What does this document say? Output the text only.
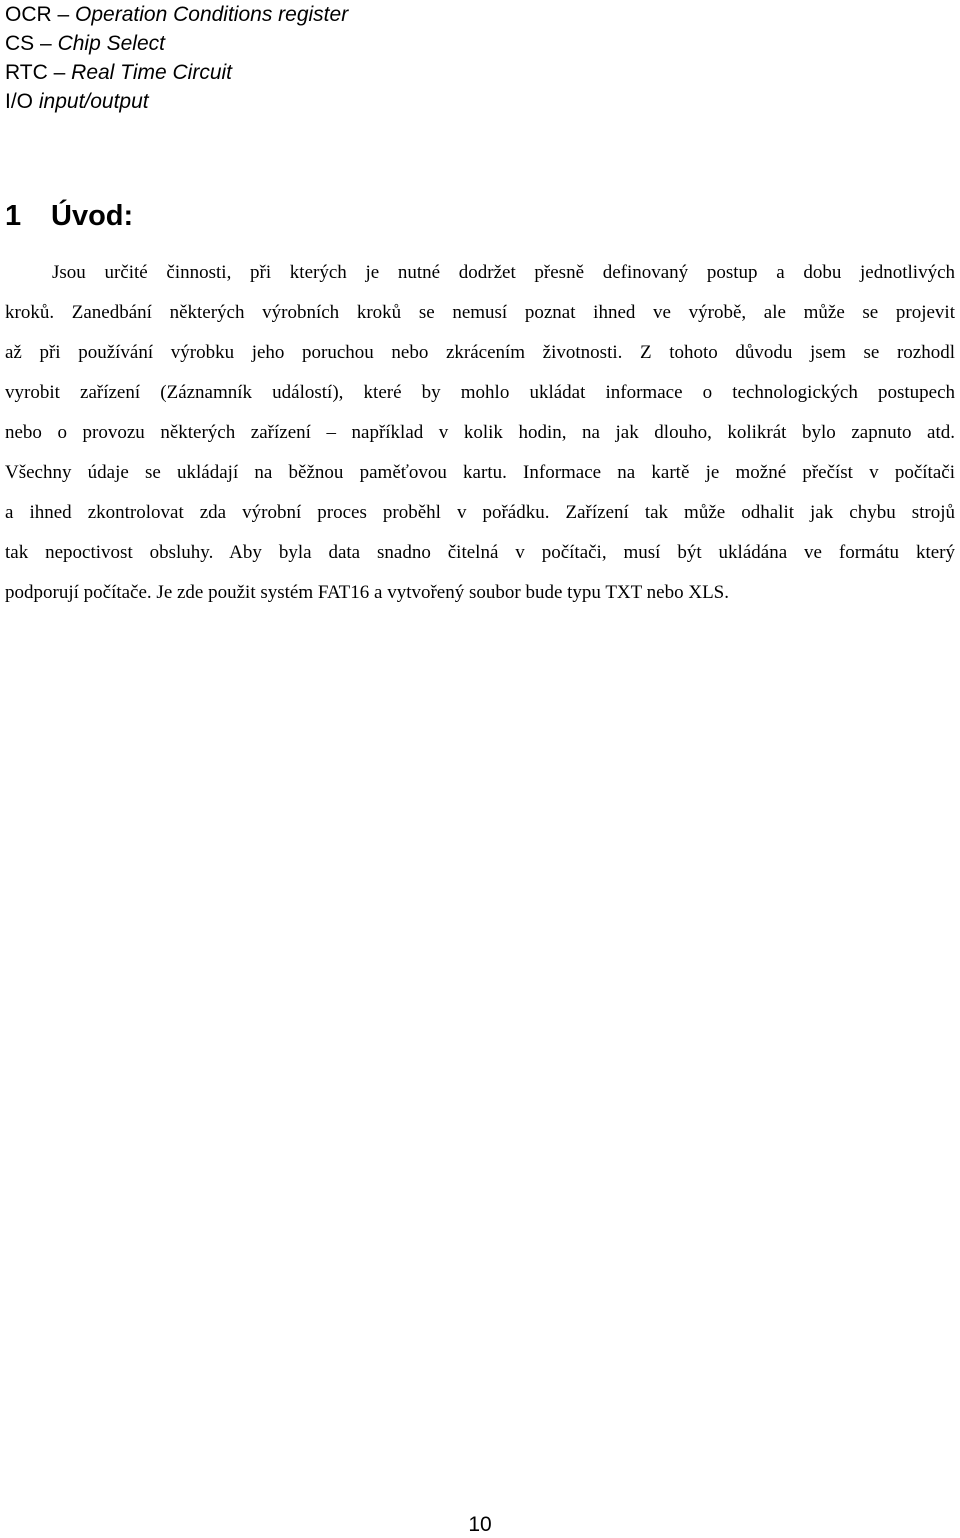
OCR – Operation Conditions register
CS – Chip Select
RTC – Real Time Circuit
I/O input/output
1 Úvod:
Jsou určité činnosti, při kterých je nutné dodržet přesně definovaný postup a dobu jednotlivých
kroků. Zanedbání některých výrobních kroků se nemusí poznat ihned ve výrobě, ale může se projevit
až při používání výrobku jeho poruchou nebo zkrácením životnosti. Z tohoto důvodu jsem se rozhodl
vyrobit zařízení (Záznamník událostí), které by mohlo ukládat informace o technologických postupech
nebo o provozu některých zařízení – například v kolik hodin, na jak dlouho, kolikrát bylo zapnuto atd.
Všechny údaje se ukládají na běžnou paměťovou kartu. Informace na kartě je možné přečíst v počítači
a ihned zkontrolovat zda výrobní proces proběhl v pořádku. Zařízení tak může odhalit jak chybu strojů
tak nepoctivost obsluhy. Aby byla data snadno čitelná v počítači, musí být ukládána ve formátu který
podporují počítače. Je zde použit systém FAT16 a vytvořený soubor bude typu TXT nebo XLS.
10
